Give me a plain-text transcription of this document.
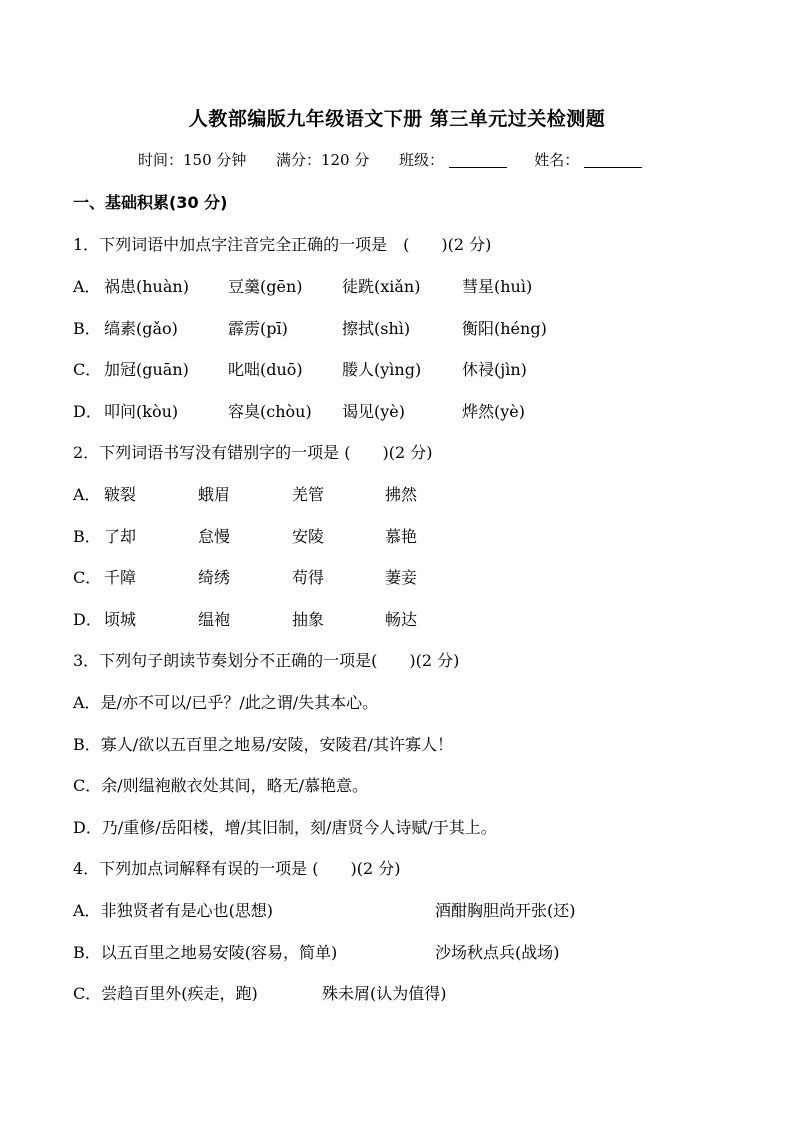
人教部编版九年级语文下册 第三单元过关检测题
时间：150 分钟 满分：120 分 班级：	姓名：
一、基础积累(30 分)
1．下列词语中加点字注音完全正确的一项是　(　　)(2 分)
A． 祸患(huàn) 豆羹(gēn) 徒跣(xiǎn)	彗星(huì)
B． 缟素(gǎo)	霹雳(pī)	擦拭(shì)	衡阳(héng)
C． 加冠(guān) 叱咄(duō) 媵人(yìng)	休祲(jìn)
D． 叩问(kòu)	容臭(chòu) 谒见(yè)	烨然(yè)
2．下列词语书写没有错别字的一项是 (　　)(2 分)
A． 皲裂	蛾眉	羌管	拂然
B． 了却	怠慢	安陵	慕艳
C． 千障	绮绣	苟得	萋妾
D． 顷城	缊袍	抽象	畅达
3．下列句子朗读节奏划分不正确的一项是(　　)(2 分)
A．是/亦不可以/已乎？/此之谓/失其本心。
B．寡人/欲以五百里之地易/安陵，安陵君/其许寡人！
C．余/则缊袍敝衣处其间，略无/慕艳意。
D．乃/重修/岳阳楼，增/其旧制，刻/唐贤今人诗赋/于其上。
4．下列加点词解释有误的一项是 (　　)(2 分)
A．非独贤者有是心也(思想)	酒酣胸胆尚开张(还)
B．以五百里之地易安陵(容易，简单)	沙场秋点兵(战场)
C．尝趋百里外(疾走，跑)	殊未屑(认为值得)
